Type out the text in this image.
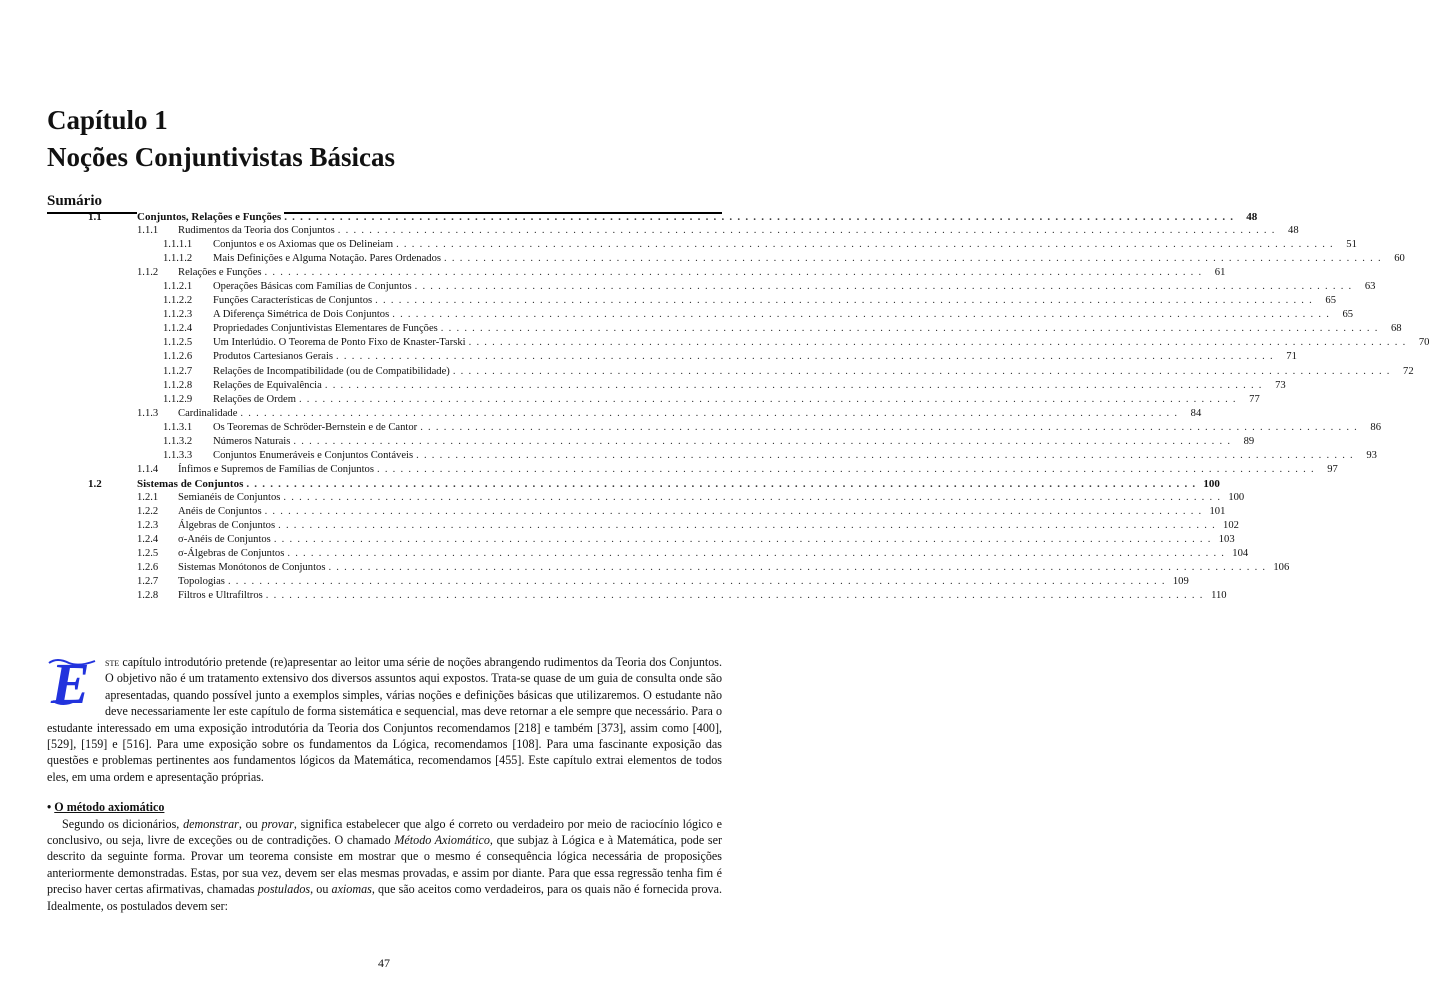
Capítulo 1
Noções Conjuntivistas Básicas
Sumário
1.1	Conjuntos, Relações e Funções ........................................................................................................................ 48
1.1.1 Rudimentos da Teoria dos Conjuntos ........................................................................................................................ 48
1.1.1.1 Conjuntos e os Axiomas que os Delineiam ........................................................................................................................ 51
1.1.1.2 Mais Definições e Alguma Notação. Pares Ordenados ........................................................................................................................ 60
1.1.2 Relações e Funções ........................................................................................................................ 61
1.1.2.1 Operações Básicas com Famílias de Conjuntos ........................................................................................................................ 63
1.1.2.2 Funções Características de Conjuntos ........................................................................................................................ 65
1.1.2.3 A Diferença Simétrica de Dois Conjuntos ........................................................................................................................ 65
1.1.2.4 Propriedades Conjuntivistas Elementares de Funções ........................................................................................................................ 68
1.1.2.5 Um Interlúdio. O Teorema de Ponto Fixo de Knaster-Tarski ........................................................................................................................ 70
1.1.2.6 Produtos Cartesianos Gerais ........................................................................................................................ 71
1.1.2.7 Relações de Incompatibilidade (ou de Compatibilidade) ........................................................................................................................ 72
1.1.2.8 Relações de Equivalência ........................................................................................................................ 73
1.1.2.9 Relações de Ordem ........................................................................................................................ 77
1.1.3 Cardinalidade ........................................................................................................................ 84
1.1.3.1 Os Teoremas de Schröder-Bernstein e de Cantor ........................................................................................................................ 86
1.1.3.2 Números Naturais ........................................................................................................................ 89
1.1.3.3 Conjuntos Enumeráveis e Conjuntos Contáveis ........................................................................................................................ 93
1.1.4 Ínfimos e Supremos de Famílias de Conjuntos ........................................................................................................................ 97
1.2	Sistemas de Conjuntos ........................................................................................................................ 100
1.2.1 Semianéis de Conjuntos ........................................................................................................................ 100
1.2.2 Anéis de Conjuntos ........................................................................................................................ 101
1.2.3 Álgebras de Conjuntos ........................................................................................................................ 102
1.2.4 σ-Anéis de Conjuntos ........................................................................................................................ 103
1.2.5 σ-Álgebras de Conjuntos ........................................................................................................................ 104
1.2.6 Sistemas Monótonos de Conjuntos ........................................................................................................................ 106
1.2.7 Topologias ........................................................................................................................ 109
1.2.8 Filtros e Ultrafiltros ........................................................................................................................ 110

E ste capítulo introdutório pretende (re)apresentar ao leitor uma série de noções abrangendo rudimentos da Teoria dos Conjuntos. O objetivo não é um tratamento extensivo dos diversos assuntos aqui expostos. Trata-se quase de um guia de consulta onde são apresentadas, quando possível junto a exemplos simples, várias noções e definições básicas que utilizaremos. O estudante não deve necessariamente ler este capítulo de forma sistemática e sequencial, mas deve retornar a ele sempre que necessário. Para o estudante interessado em uma exposição introdutória da Teoria dos Conjuntos recomendamos [218] e também [373], assim como [400], [529], [159] e [516]. Para ume exposição sobre os fundamentos da Lógica, recomendamos [108]. Para uma fascinante exposição das questões e problemas pertinentes aos fundamentos lógicos da Matemática, recomendamos [455]. Este capítulo extrai elementos de todos eles, em uma ordem e apresentação próprias.

• O método axiomático

Segundo os dicionários, demonstrar, ou provar, significa estabelecer que algo é correto ou verdadeiro por meio de raciocínio lógico e conclusivo, ou seja, livre de exceções ou de contradições. O chamado Método Axiomático, que subjaz à Lógica e à Matemática, pode ser descrito da seguinte forma. Provar um teorema consiste em mostrar que o mesmo é consequência lógica necessária de proposições anteriormente demonstradas. Estas, por sua vez, devem ser elas mesmas provadas, e assim por diante. Para que essa regressão tenha fim é preciso haver certas afirmativas, chamadas postulados, ou axiomas, que são aceitos como verdadeiros, para os quais não é fornecida prova. Idealmente, os postulados devem ser:

47
